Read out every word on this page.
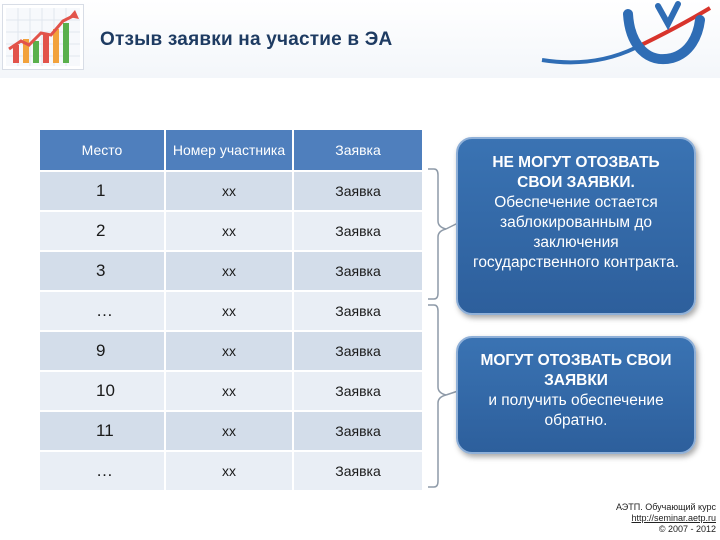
Отзыв заявки на участие в ЭА
Место	Номер участника	Заявка
1	xx	Заявка
2	xx	Заявка
3	xx	Заявка
…	xx	Заявка
9	xx	Заявка
10	xx	Заявка
11	xx	Заявка
…	xx	Заявка
НЕ МОГУТ ОТОЗВАТЬ СВОИ ЗАЯВКИ.
Обеспечение остается заблокированным до заключения государственного контракта.
МОГУТ ОТОЗВАТЬ СВОИ ЗАЯВКИ
и получить обеспечение обратно.
АЭТП. Обучающий курс
http://seminar.aetp.ru
© 2007 - 2012
